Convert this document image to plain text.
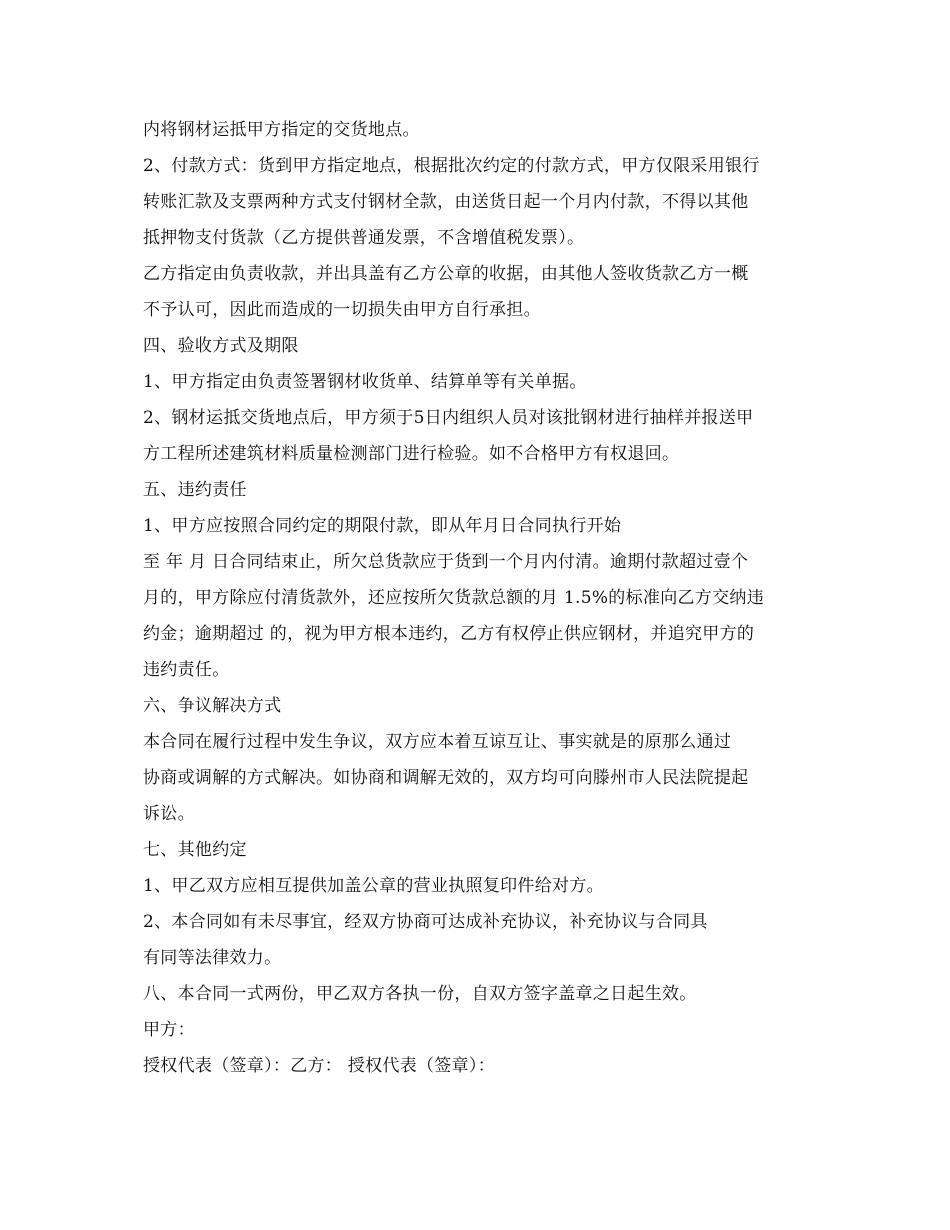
内将钢材运抵甲方指定的交货地点。
2、付款方式：货到甲方指定地点，根据批次约定的付款方式，甲方仅限采用银行
转账汇款及支票两种方式支付钢材全款，由送货日起一个月内付款，不得以其他
抵押物支付货款（乙方提供普通发票，不含增值税发票）。
乙方指定由负责收款，并出具盖有乙方公章的收据，由其他人签收货款乙方一概
不予认可，因此而造成的一切损失由甲方自行承担。
四、验收方式及期限
1、甲方指定由负责签署钢材收货单、结算单等有关单据。
2、钢材运抵交货地点后，甲方须于5日内组织人员对该批钢材进行抽样并报送甲
方工程所述建筑材料质量检测部门进行检验。如不合格甲方有权退回。
五、违约责任
1、甲方应按照合同约定的期限付款，即从年月日合同执行开始
至 年 月 日合同结束止，所欠总货款应于货到一个月内付清。逾期付款超过壹个
月的，甲方除应付清货款外，还应按所欠货款总额的月 1.5%的标准向乙方交纳违
约金；逾期超过 的，视为甲方根本违约，乙方有权停止供应钢材，并追究甲方的
违约责任。
六、争议解决方式
本合同在履行过程中发生争议，双方应本着互谅互让、事实就是的原那么通过
协商或调解的方式解决。如协商和调解无效的，双方均可向滕州市人民法院提起
诉讼。
七、其他约定
1、甲乙双方应相互提供加盖公章的营业执照复印件给对方。
2、本合同如有未尽事宜，经双方协商可达成补充协议，补充协议与合同具
有同等法律效力。
八、本合同一式两份，甲乙双方各执一份，自双方签字盖章之日起生效。
甲方：
授权代表（签章）：乙方： 授权代表（签章）：
